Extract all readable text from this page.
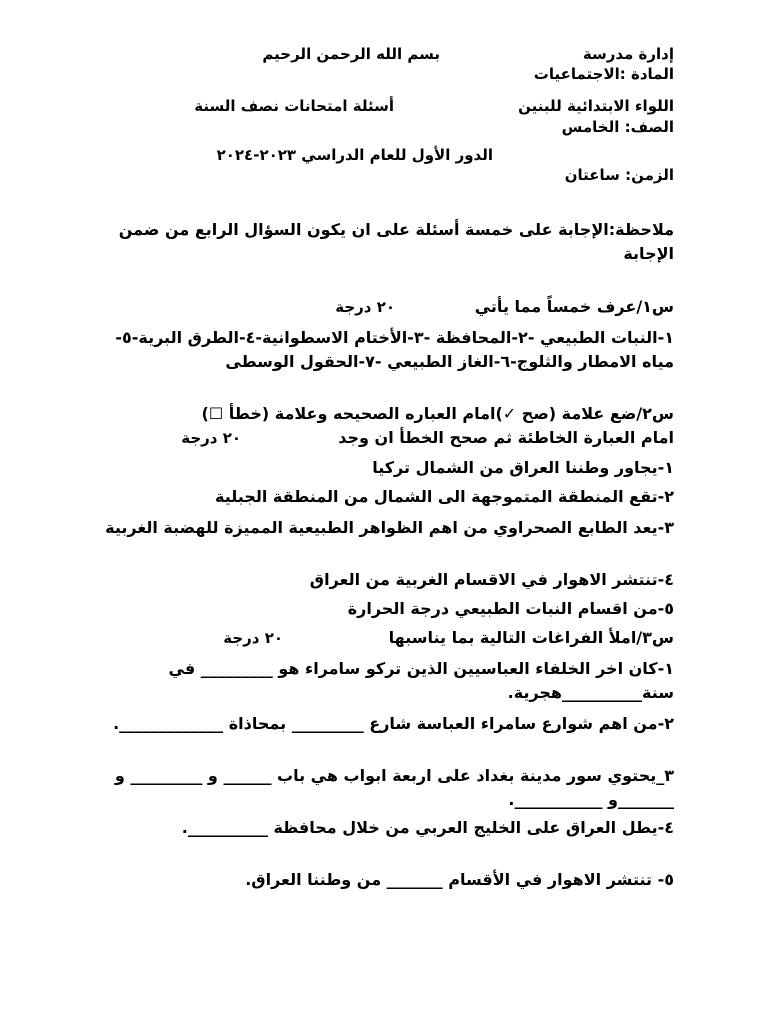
إدارة مدرسة
بسم الله الرحمن الرحيم
المادة :الاجتماعيات
اللواء الابتدائية للبنين
أسئلة امتحانات نصف السنة
الصف: الخامس
الدور الأول للعام الدراسي ٢٠٢٣-٢٠٢٤
الزمن: ساعتان
ملاحظة:الإجابة على خمسة أسئلة على ان يكون السؤال الرابع من ضمن الإجابة
س١/عرف خمساً مما يأتي
٢٠ درجة
١-النبات الطبيعي -٢-المحافظة -٣-الأختام الاسطوانية-٤-الطرق البرية-٥-مياه الامطار والثلوج-٦-الغاز الطبيعي -٧-الحقول الوسطى
س٢/ضع علامة (صح ✓)امام العباره الصحيحه وعلامة (خطأ ☐)
امام العبارة الخاطئة ثم صحح الخطأ ان وجد
٢٠ درجة
١-يجاور وطننا العراق من الشمال تركيا
٢-تقع المنطقة المتموجهة الى الشمال من المنطقة الجبلية
٣-يعد الطابع الصحراوي من اهم الظواهر الطبيعية المميزة للهضبة الغربية
٤-تنتشر الاهوار في الاقسام الغربية من العراق
٥-من اقسام النبات الطبيعي درجة الحرارة
س٣/املأ الفراغات التالية بما يناسبها
٢٠ درجة
١-كان اخر الخلفاء العباسيين الذين تركو سامراء هو _________ في سنة__________هجرية.
٢-من اهم شوارع سامراء العباسة شارع _________ بمحاذاة _____________.
٣_يحتوي سور مدينة بغداد على اربعة ابواب هي باب ______ و _________ و _______و ___________.
٤-يطل العراق على الخليج العربي من خلال محافظة __________.
٥- تنتشر الاهوار في الأقسام _______ من وطننا العراق.
